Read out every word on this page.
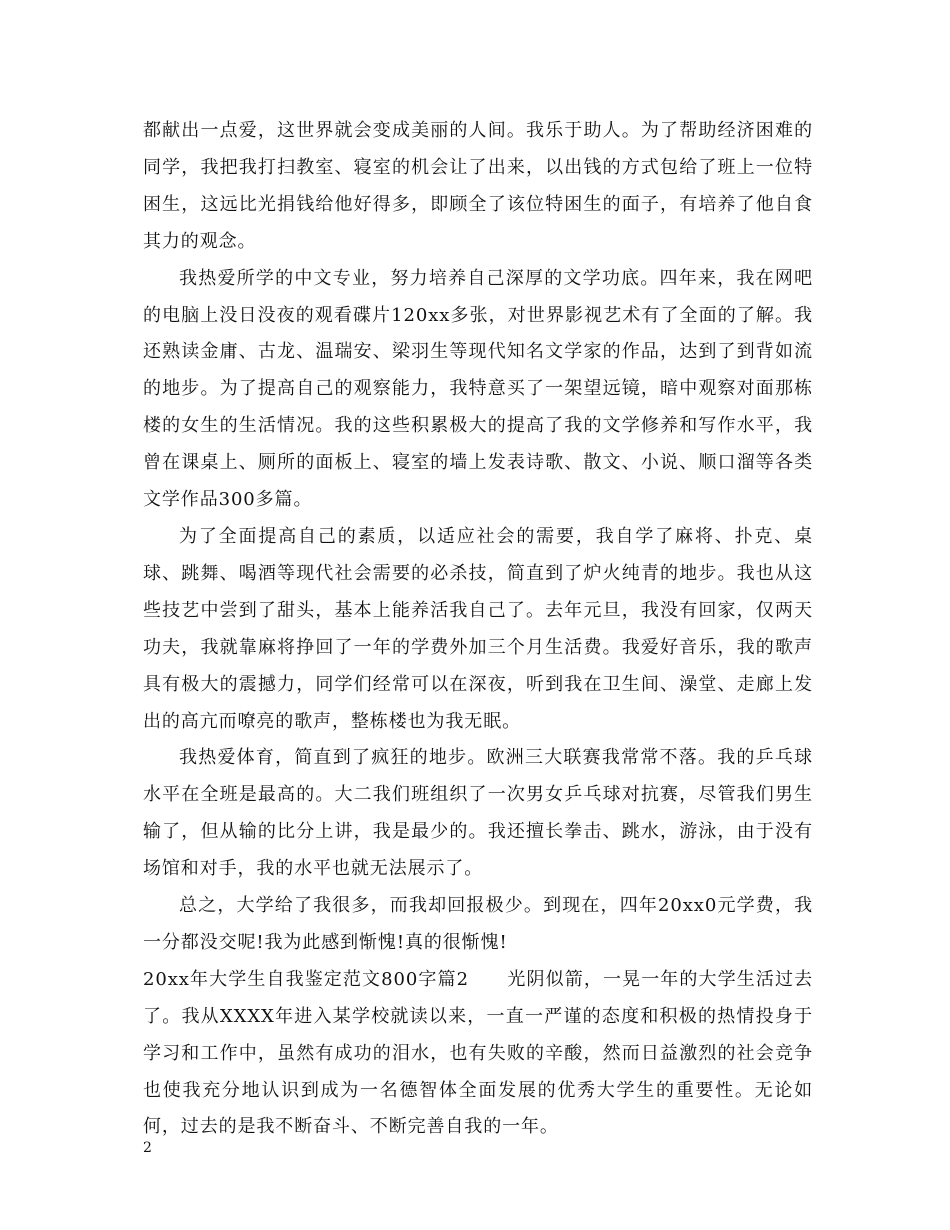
都献出一点爱，这世界就会变成美丽的人间。我乐于助人。为了帮助经济困难的同学，我把我打扫教室、寝室的机会让了出来，以出钱的方式包给了班上一位特困生，这远比光捐钱给他好得多，即顾全了该位特困生的面子，有培养了他自食其力的观念。

我热爱所学的中文专业，努力培养自己深厚的文学功底。四年来，我在网吧的电脑上没日没夜的观看碟片120xx多张，对世界影视艺术有了全面的了解。我还熟读金庸、古龙、温瑞安、梁羽生等现代知名文学家的作品，达到了到背如流的地步。为了提高自己的观察能力，我特意买了一架望远镜，暗中观察对面那栋楼的女生的生活情况。我的这些积累极大的提高了我的文学修养和写作水平，我曾在课桌上、厕所的面板上、寝室的墙上发表诗歌、散文、小说、顺口溜等各类文学作品300多篇。

为了全面提高自己的素质，以适应社会的需要，我自学了麻将、扑克、桌球、跳舞、喝酒等现代社会需要的必杀技，简直到了炉火纯青的地步。我也从这些技艺中尝到了甜头，基本上能养活我自己了。去年元旦，我没有回家，仅两天功夫，我就靠麻将挣回了一年的学费外加三个月生活费。我爱好音乐，我的歌声具有极大的震撼力，同学们经常可以在深夜，听到我在卫生间、澡堂、走廊上发出的高亢而嘹亮的歌声，整栋楼也为我无眠。

我热爱体育，简直到了疯狂的地步。欧洲三大联赛我常常不落。我的乒乓球水平在全班是最高的。大二我们班组织了一次男女乒乓球对抗赛，尽管我们男生输了，但从输的比分上讲，我是最少的。我还擅长拳击、跳水，游泳，由于没有场馆和对手，我的水平也就无法展示了。

总之，大学给了我很多，而我却回报极少。到现在，四年20xx0元学费，我一分都没交呢!我为此感到惭愧!真的很惭愧!

20xx年大学生自我鉴定范文800字篇2　　光阴似箭，一晃一年的大学生活过去了。我从XXXX年进入某学校就读以来，一直一严谨的态度和积极的热情投身于学习和工作中，虽然有成功的泪水，也有失败的辛酸，然而日益激烈的社会竞争也使我充分地认识到成为一名德智体全面发展的优秀大学生的重要性。无论如何，过去的是我不断奋斗、不断完善自我的一年。

2
